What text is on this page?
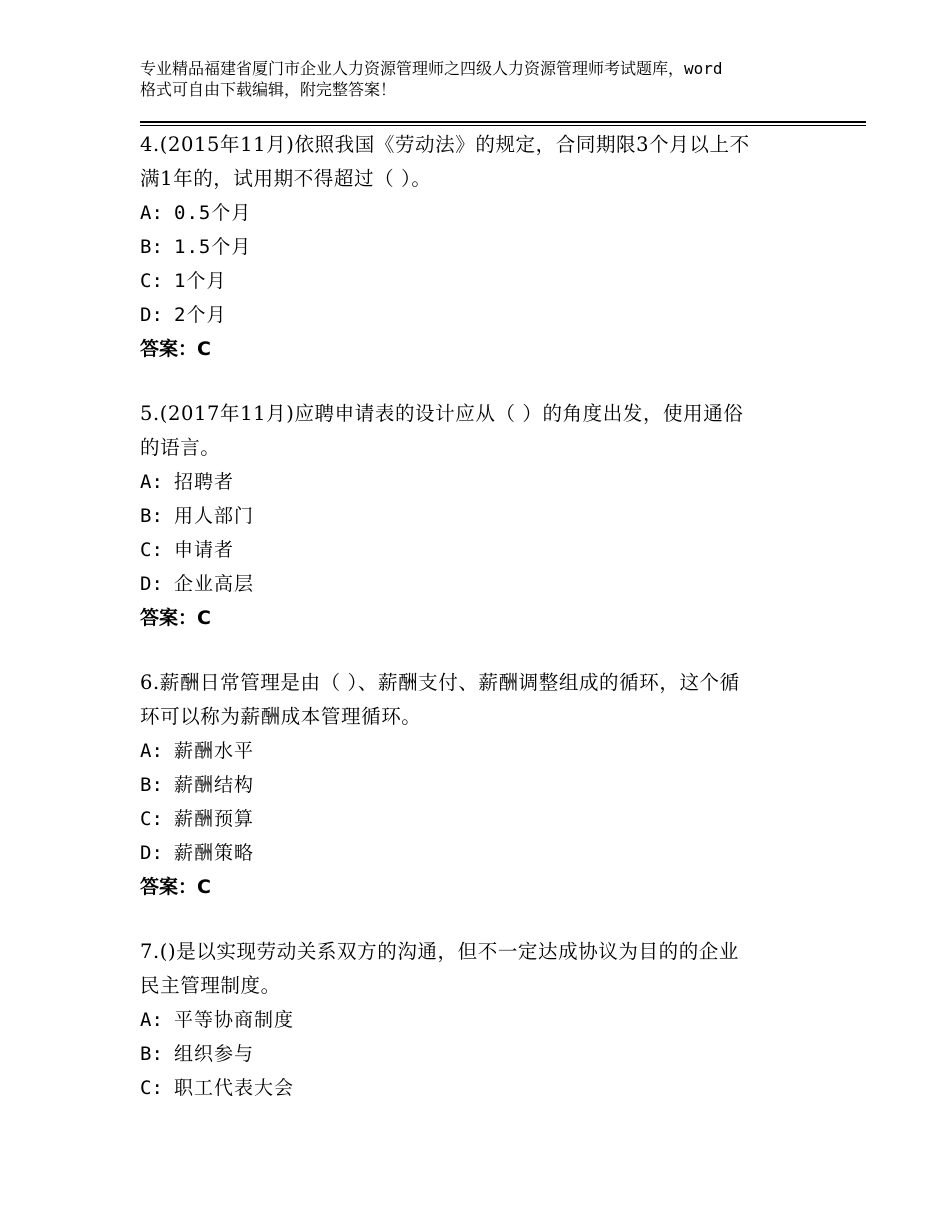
专业精品福建省厦门市企业人力资源管理师之四级人力资源管理师考试题库，word
格式可自由下载编辑，附完整答案！

4.(2015年11月)依照我国《劳动法》的规定，合同期限3个月以上不
满1年的，试用期不得超过（ ）。

A: 0.5个月
B: 1.5个月
C: 1个月
D: 2个月
答案：C

5.(2017年11月)应聘申请表的设计应从（ ）的角度出发，使用通俗
的语言。

A: 招聘者
B: 用人部门
C: 申请者
D: 企业高层
答案：C

6.薪酬日常管理是由（ ）、薪酬支付、薪酬调整组成的循环，这个循
环可以称为薪酬成本管理循环。

A: 薪酬水平
B: 薪酬结构
C: 薪酬预算
D: 薪酬策略
答案：C

7.()是以实现劳动关系双方的沟通，但不一定达成协议为目的的企业
民主管理制度。

A: 平等协商制度
B: 组织参与
C: 职工代表大会
